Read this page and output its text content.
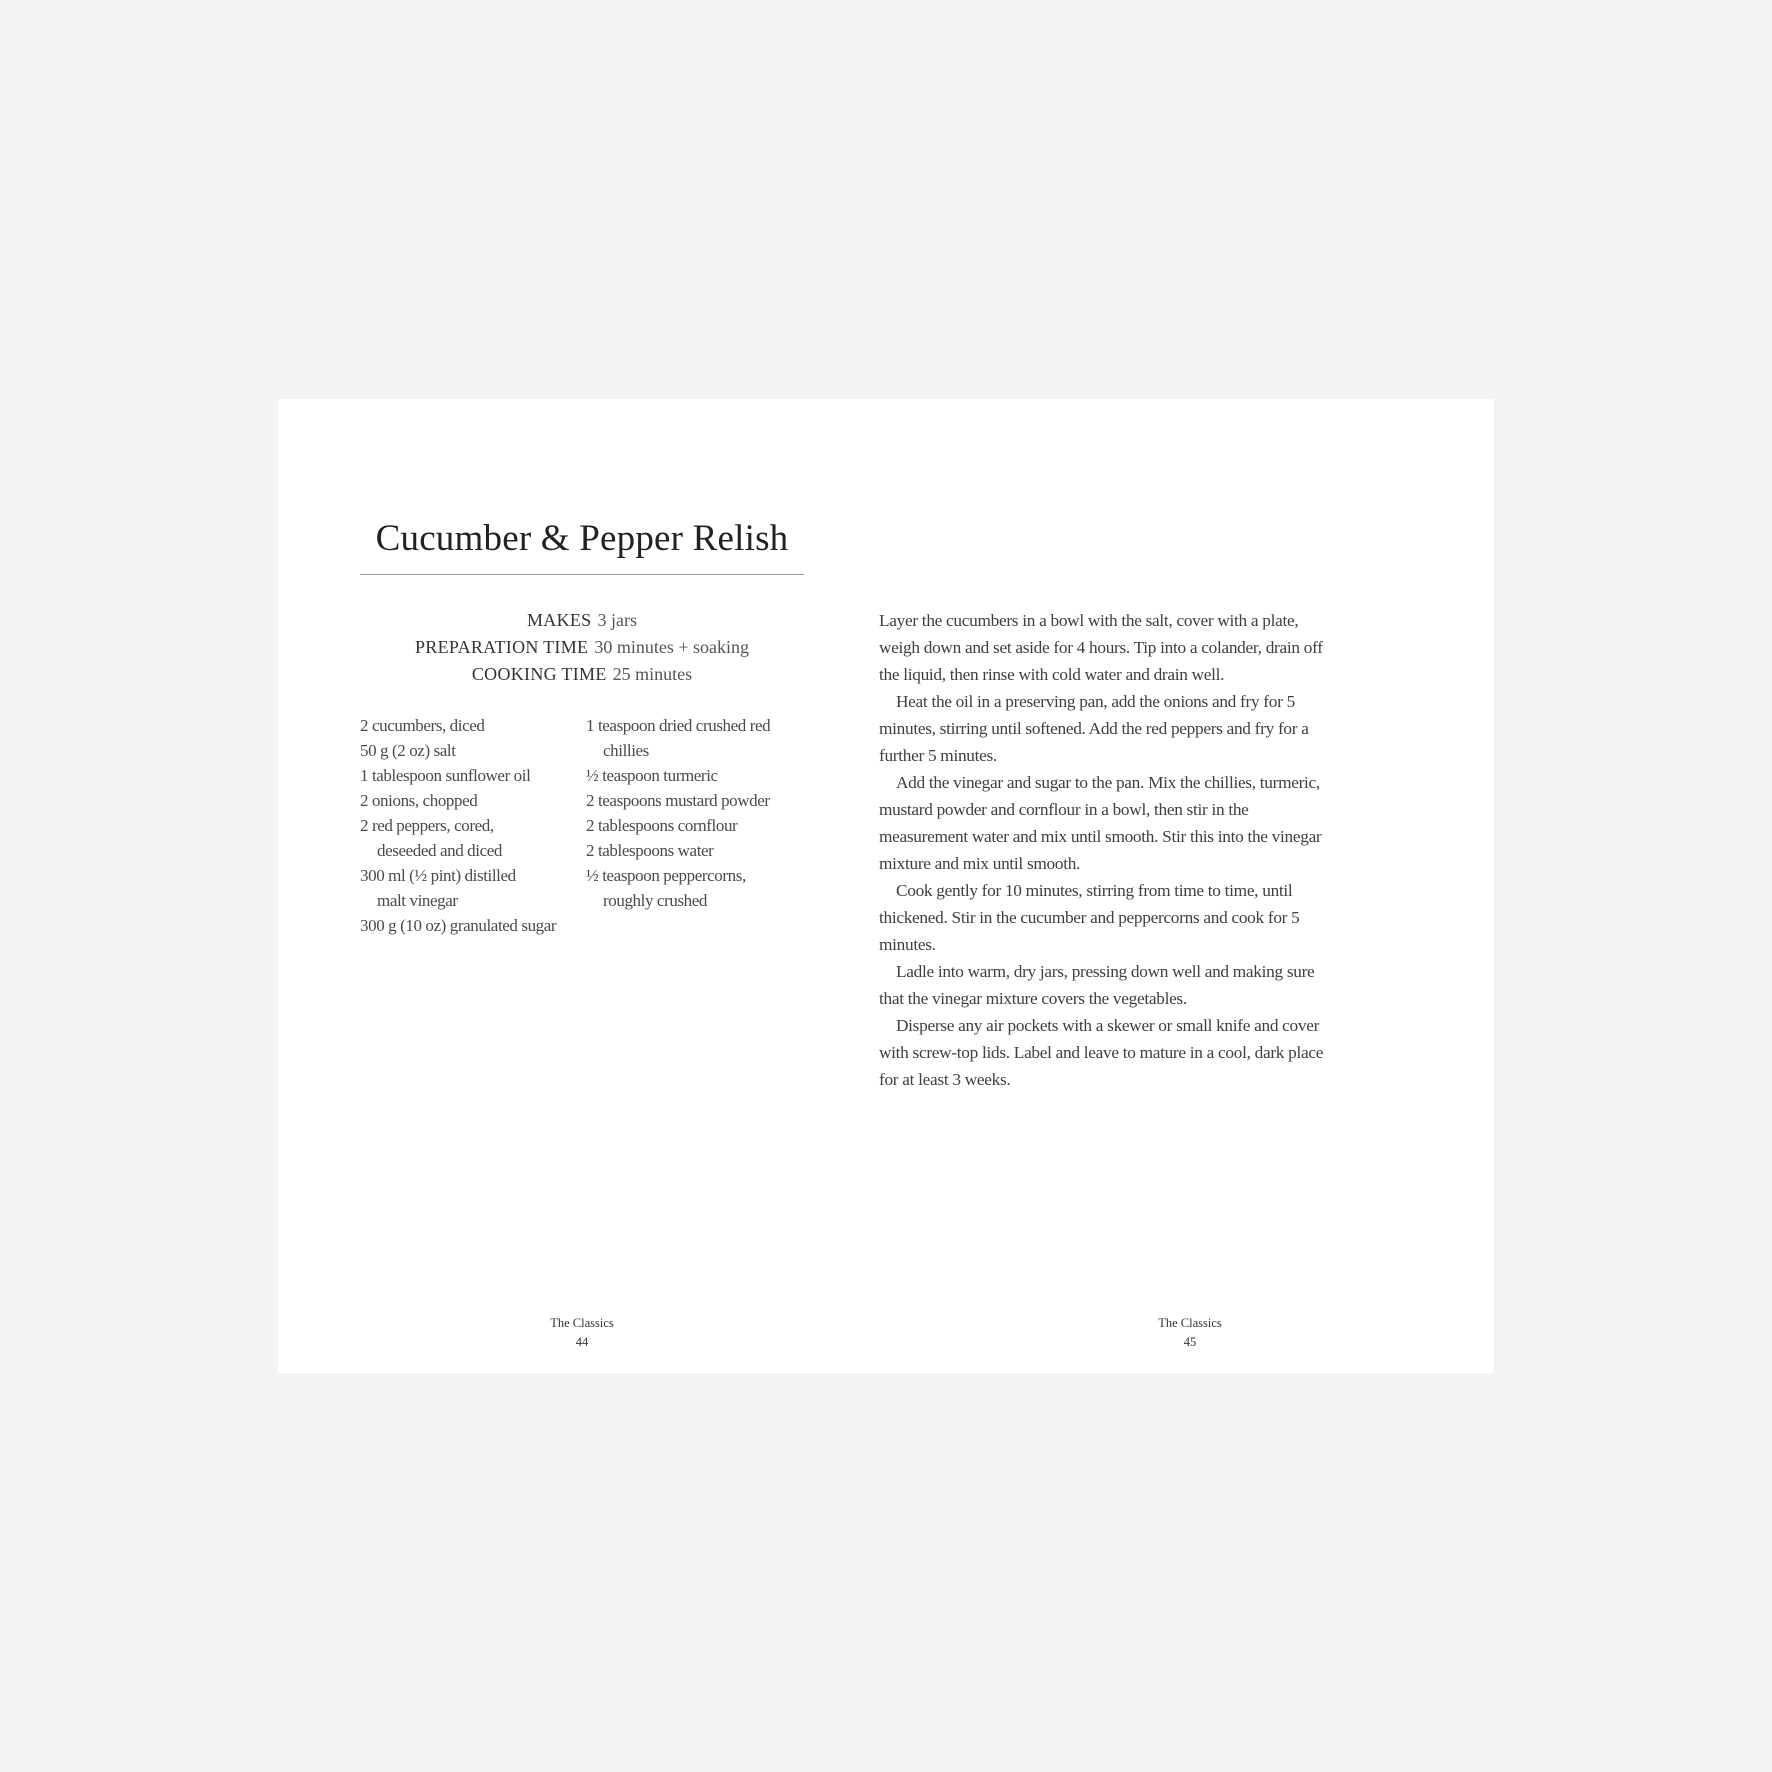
Cucumber & Pepper Relish
MAKES 3 jars
PREPARATION TIME 30 minutes + soaking
COOKING TIME 25 minutes
2 cucumbers, diced
50 g (2 oz) salt
1 tablespoon sunflower oil
2 onions, chopped
2 red peppers, cored, deseeded and diced
300 ml (½ pint) distilled malt vinegar
300 g (10 oz) granulated sugar
1 teaspoon dried crushed red chillies
½ teaspoon turmeric
2 teaspoons mustard powder
2 tablespoons cornflour
2 tablespoons water
½ teaspoon peppercorns, roughly crushed
The Classics
44

Layer the cucumbers in a bowl with the salt, cover with a plate, weigh down and set aside for 4 hours. Tip into a colander, drain off the liquid, then rinse with cold water and drain well.

Heat the oil in a preserving pan, add the onions and fry for 5 minutes, stirring until softened. Add the red peppers and fry for a further 5 minutes.

Add the vinegar and sugar to the pan. Mix the chillies, turmeric, mustard powder and cornflour in a bowl, then stir in the measurement water and mix until smooth. Stir this into the vinegar mixture and mix until smooth.

Cook gently for 10 minutes, stirring from time to time, until thickened. Stir in the cucumber and peppercorns and cook for 5 minutes.

Ladle into warm, dry jars, pressing down well and making sure that the vinegar mixture covers the vegetables.

Disperse any air pockets with a skewer or small knife and cover with screw-top lids. Label and leave to mature in a cool, dark place for at least 3 weeks.

The Classics
45
